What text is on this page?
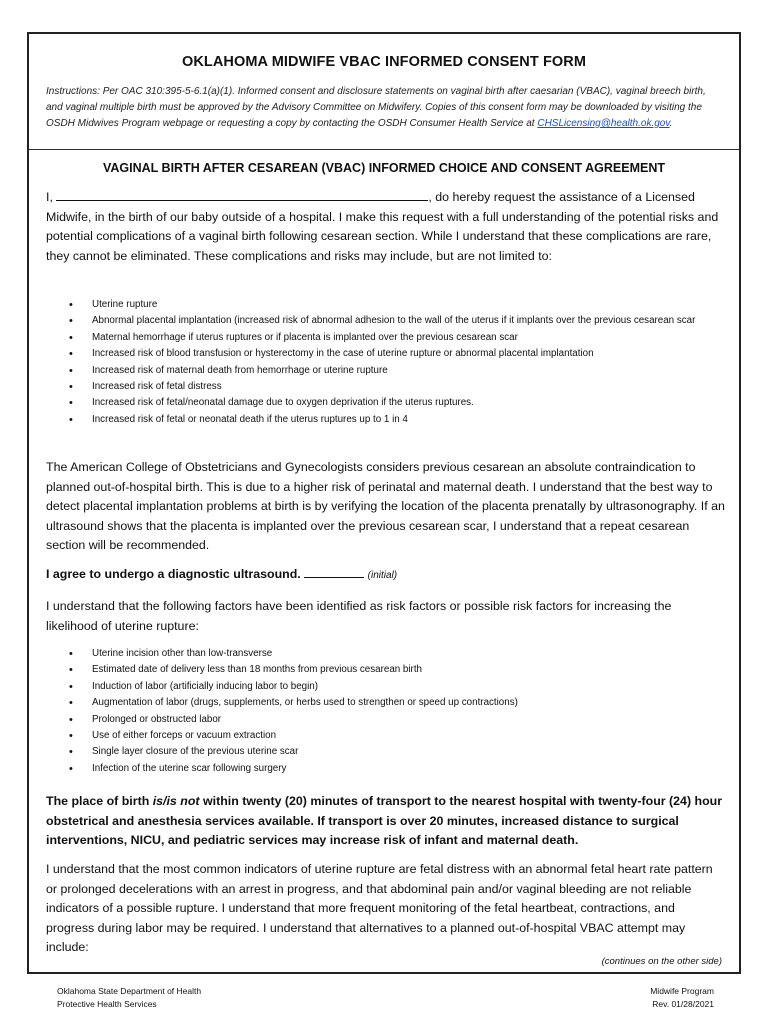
OKLAHOMA MIDWIFE VBAC INFORMED CONSENT FORM
Instructions: Per OAC 310:395-5-6.1(a)(1). Informed consent and disclosure statements on vaginal birth after caesarian (VBAC), vaginal breech birth, and vaginal multiple birth must be approved by the Advisory Committee on Midwifery. Copies of this consent form may be downloaded by visiting the OSDH Midwives Program webpage or requesting a copy by contacting the OSDH Consumer Health Service at CHSLicensing@health.ok.gov.
VAGINAL BIRTH AFTER CESAREAN (VBAC) INFORMED CHOICE AND CONSENT AGREEMENT
I,	, do hereby request the assistance of a Licensed Midwife, in the birth of our baby outside of a hospital. I make this request with a full understanding of the potential risks and potential complications of a vaginal birth following cesarean section. While I understand that these complications are rare, they cannot be eliminated. These complications and risks may include, but are not limited to:
• Uterine rupture
• Abnormal placental implantation (increased risk of abnormal adhesion to the wall of the uterus if it implants over the previous cesarean scar
• Maternal hemorrhage if uterus ruptures or if placenta is implanted over the previous cesarean scar
• Increased risk of blood transfusion or hysterectomy in the case of uterine rupture or abnormal placental implantation
• Increased risk of maternal death from hemorrhage or uterine rupture
• Increased risk of fetal distress
• Increased risk of fetal/neonatal damage due to oxygen deprivation if the uterus ruptures.
• Increased risk of fetal or neonatal death if the uterus ruptures up to 1 in 4
The American College of Obstetricians and Gynecologists considers previous cesarean an absolute contraindication to planned out-of-hospital birth. This is due to a higher risk of perinatal and maternal death. I understand that the best way to detect placental implantation problems at birth is by verifying the location of the placenta prenatally by ultrasonography. If an ultrasound shows that the placenta is implanted over the previous cesarean scar, I understand that a repeat cesarean section will be recommended.
I agree to undergo a diagnostic ultrasound.	(initial)
I understand that the following factors have been identified as risk factors or possible risk factors for increasing the likelihood of uterine rupture:
• Uterine incision other than low-transverse
• Estimated date of delivery less than 18 months from previous cesarean birth
• Induction of labor (artificially inducing labor to begin)
• Augmentation of labor (drugs, supplements, or herbs used to strengthen or speed up contractions)
• Prolonged or obstructed labor
• Use of either forceps or vacuum extraction
• Single layer closure of the previous uterine scar
• Infection of the uterine scar following surgery
The place of birth is/is not within twenty (20) minutes of transport to the nearest hospital with twenty-four (24) hour obstetrical and anesthesia services available. If transport is over 20 minutes, increased distance to surgical interventions, NICU, and pediatric services may increase risk of infant and maternal death.
I understand that the most common indicators of uterine rupture are fetal distress with an abnormal fetal heart rate pattern or prolonged decelerations with an arrest in progress, and that abdominal pain and/or vaginal bleeding are not reliable indicators of a possible rupture. I understand that more frequent monitoring of the fetal heartbeat, contractions, and progress during labor may be required. I understand that alternatives to a planned out-of-hospital VBAC attempt may include:
(continues on the other side)
Oklahoma State Department of Health
Protective Health Services
Midwife Program
Rev. 01/28/2021
